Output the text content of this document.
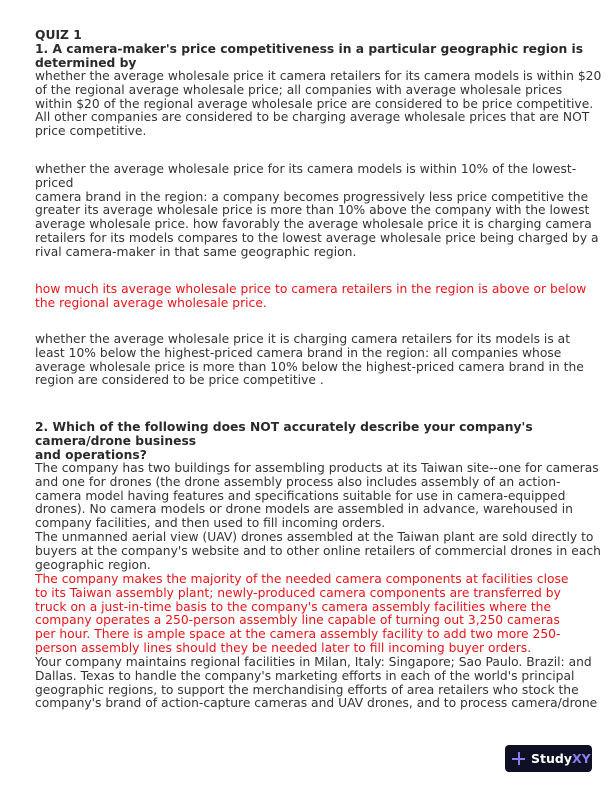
QUIZ 1
1. A camera-maker's price competitiveness in a particular geographic region is
determined by
whether the average wholesale price it camera retailers for its camera models is within $20
of the regional average wholesale price; all companies with average wholesale prices
within $20 of the regional average wholesale price are considered to be price competitive.
All other companies are considered to be charging average wholesale prices that are NOT
price competitive.
whether the average wholesale price for its camera models is within 10% of the lowest-
priced
camera brand in the region: a company becomes progressively less price competitive the
greater its average wholesale price is more than 10% above the company with the lowest
average wholesale price. how favorably the average wholesale price it is charging camera
retailers for its models compares to the lowest average wholesale price being charged by a
rival camera-maker in that same geographic region.
how much its average wholesale price to camera retailers in the region is above or below
the regional average wholesale price.
whether the average wholesale price it is charging camera retailers for its models is at
least 10% below the highest-priced camera brand in the region: all companies whose
average wholesale price is more than 10% below the highest-priced camera brand in the
region are considered to be price competitive .
2. Which of the following does NOT accurately describe your company's
camera/drone business
and operations?
The company has two buildings for assembling products at its Taiwan site--one for cameras
and one for drones (the drone assembly process also includes assembly of an action-
camera model having features and specifications suitable for use in camera-equipped
drones). No camera models or drone models are assembled in advance, warehoused in
company facilities, and then used to fill incoming orders.
The unmanned aerial view (UAV) drones assembled at the Taiwan plant are sold directly to
buyers at the company's website and to other online retailers of commercial drones in each
geographic region.
The company makes the majority of the needed camera components at facilities close
to its Taiwan assembly plant; newly-produced camera components are transferred by
truck on a just-in-time basis to the company's camera assembly facilities where the
company operates a 250-person assembly line capable of turning out 3,250 cameras
per hour. There is ample space at the camera assembly facility to add two more 250-
person assembly lines should they be needed later to fill incoming buyer orders.
Your company maintains regional facilities in Milan, Italy: Singapore; Sao Paulo. Brazil: and
Dallas. Texas to handle the company's marketing efforts in each of the world's principal
geographic regions, to support the merchandising efforts of area retailers who stock the
company's brand of action-capture cameras and UAV drones, and to process camera/drone
StudyXY
